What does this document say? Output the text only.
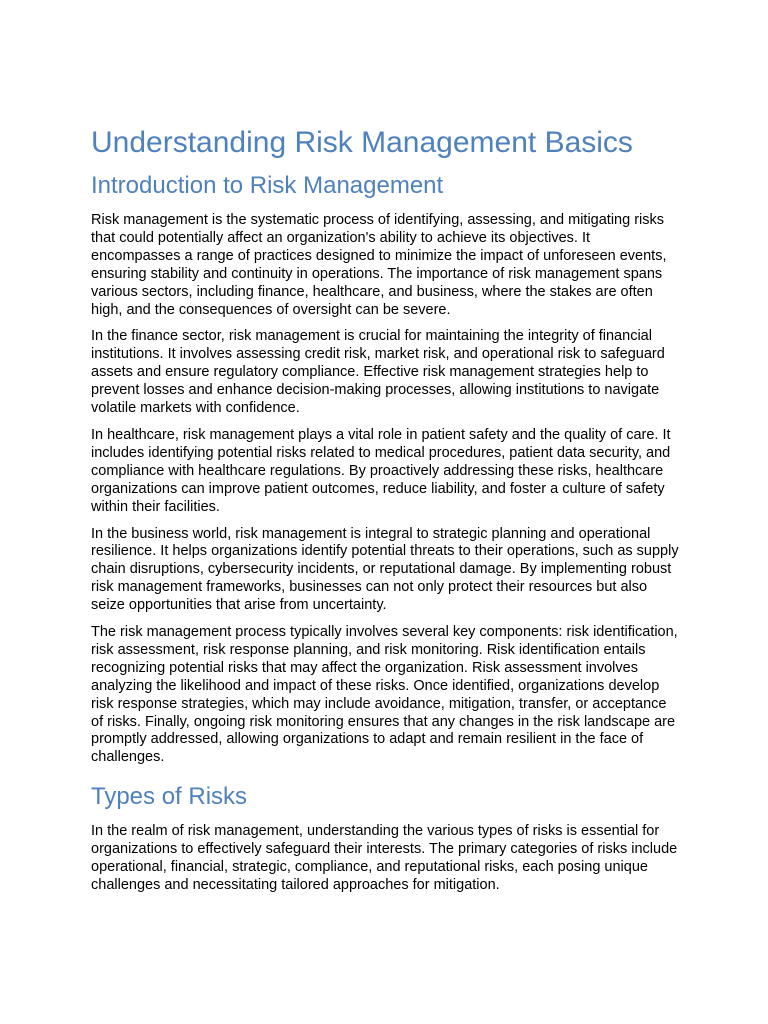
Understanding Risk Management Basics
Introduction to Risk Management

Risk management is the systematic process of identifying, assessing, and mitigating risks that could potentially affect an organization's ability to achieve its objectives. It encompasses a range of practices designed to minimize the impact of unforeseen events, ensuring stability and continuity in operations. The importance of risk management spans various sectors, including finance, healthcare, and business, where the stakes are often high, and the consequences of oversight can be severe.

In the finance sector, risk management is crucial for maintaining the integrity of financial institutions. It involves assessing credit risk, market risk, and operational risk to safeguard assets and ensure regulatory compliance. Effective risk management strategies help to prevent losses and enhance decision-making processes, allowing institutions to navigate volatile markets with confidence.

In healthcare, risk management plays a vital role in patient safety and the quality of care. It includes identifying potential risks related to medical procedures, patient data security, and compliance with healthcare regulations. By proactively addressing these risks, healthcare organizations can improve patient outcomes, reduce liability, and foster a culture of safety within their facilities.

In the business world, risk management is integral to strategic planning and operational resilience. It helps organizations identify potential threats to their operations, such as supply chain disruptions, cybersecurity incidents, or reputational damage. By implementing robust risk management frameworks, businesses can not only protect their resources but also seize opportunities that arise from uncertainty.

The risk management process typically involves several key components: risk identification, risk assessment, risk response planning, and risk monitoring. Risk identification entails recognizing potential risks that may affect the organization. Risk assessment involves analyzing the likelihood and impact of these risks. Once identified, organizations develop risk response strategies, which may include avoidance, mitigation, transfer, or acceptance of risks. Finally, ongoing risk monitoring ensures that any changes in the risk landscape are promptly addressed, allowing organizations to adapt and remain resilient in the face of challenges.

Types of Risks

In the realm of risk management, understanding the various types of risks is essential for organizations to effectively safeguard their interests. The primary categories of risks include operational, financial, strategic, compliance, and reputational risks, each posing unique challenges and necessitating tailored approaches for mitigation.
